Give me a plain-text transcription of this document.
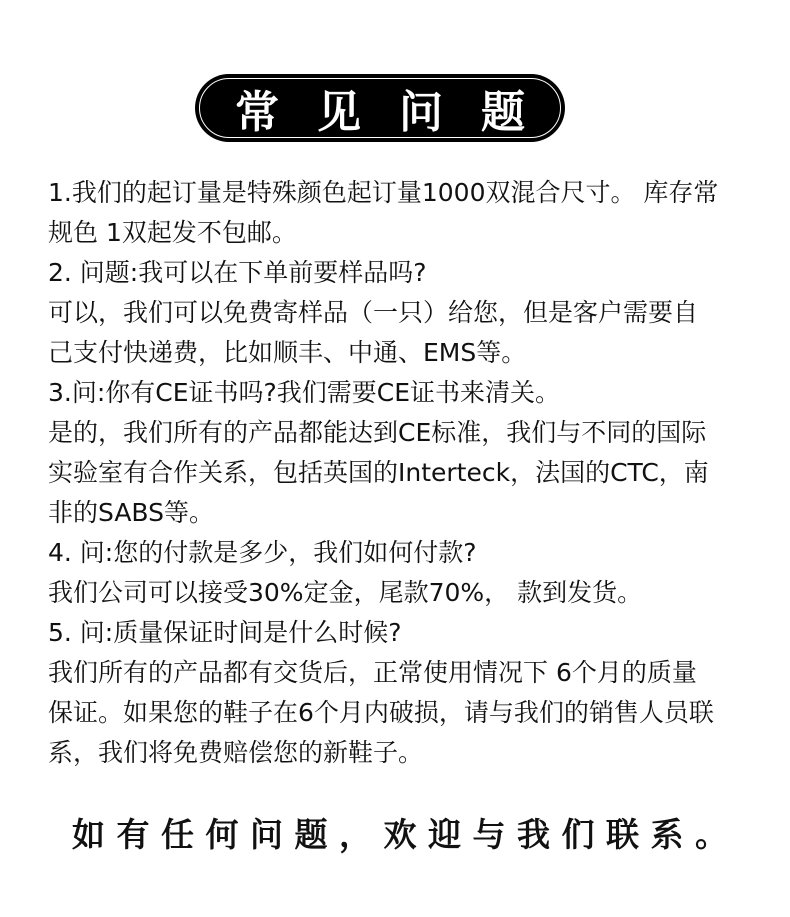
常见问题
1.我们的起订量是特殊颜色起订量1000双混合尺寸。 库存常
规色 1双起发不包邮。
2. 问题:我可以在下单前要样品吗?
可以，我们可以免费寄样品（一只）给您，但是客户需要自
己支付快递费，比如顺丰、中通、EMS等。
3.问:你有CE证书吗?我们需要CE证书来清关。
是的，我们所有的产品都能达到CE标准，我们与不同的国际
实验室有合作关系，包括英国的Interteck，法国的CTC，南
非的SABS等。
4. 问:您的付款是多少，我们如何付款?
我们公司可以接受30%定金，尾款70%， 款到发货。
5. 问:质量保证时间是什么时候?
我们所有的产品都有交货后，正常使用情况下 6个月的质量
保证。如果您的鞋子在6个月内破损，请与我们的销售人员联
系，我们将免费赔偿您的新鞋子。
如有任何问题，欢迎与我们联系。
